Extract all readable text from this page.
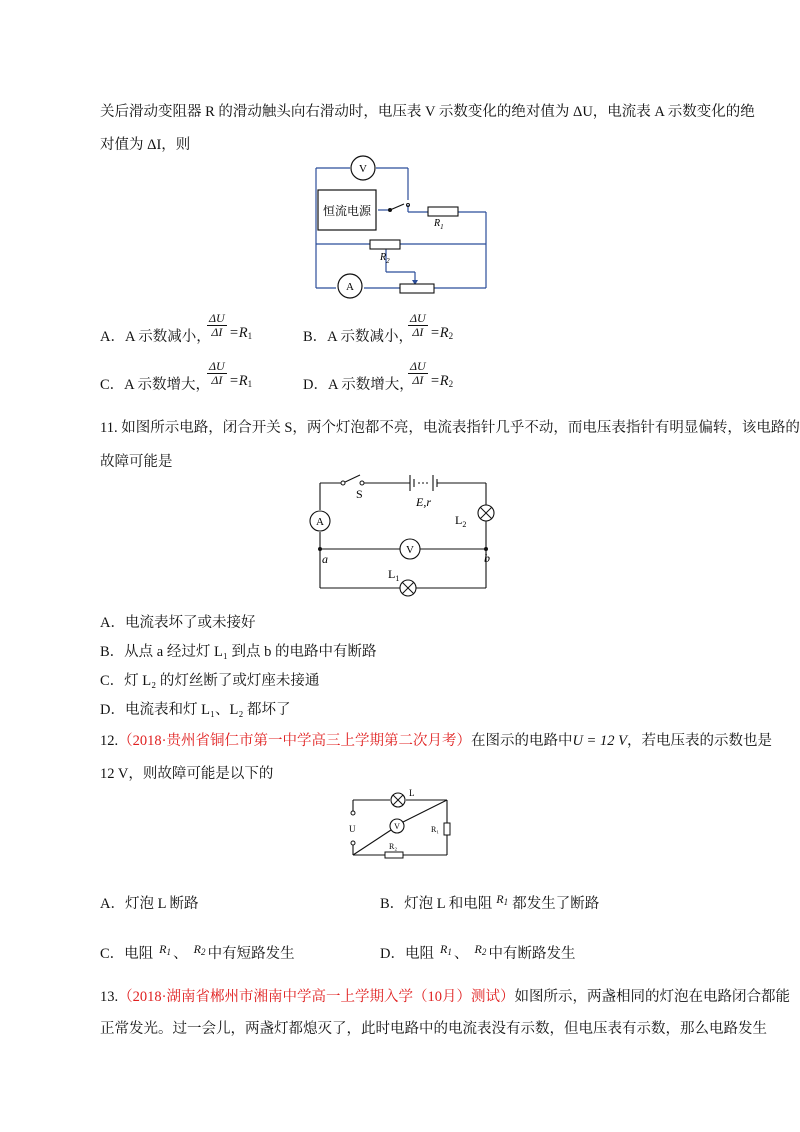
关后滑动变阻器 R 的滑动触头向右滑动时，电压表 V 示数变化的绝对值为 ΔU，电流表 A 示数变化的绝
对值为 ΔI，则
V
恒流电源
$R_1$
$R_2$
A
A．A 示数减小，
$\frac{\Delta U}{\Delta I} =R_1$	B．A 示数减小，
$\frac{\Delta U}{\Delta I} =R_2$
C．A 示数增大，
$\frac{\Delta U}{\Delta I} =R_1$	D．A 示数增大，
$\frac{\Delta U}{\Delta I} =R_2$
11. 如图所示电路，闭合开关 S，两个灯泡都不亮，电流表指针几乎不动，而电压表指针有明显偏转，该电路的
故障可能是
S
E,r
$L_2$
A
V
a	b
$L_1$
A．电流表坏了或未接好
B．从点 a 经过灯 L₁ 到点 b 的电路中有断路
C．灯 L₂ 的灯丝断了或灯座未接通
D．电流表和灯 L₁、L₂ 都坏了
12.（2018·贵州省铜仁市第一中学高三上学期第二次月考）在图示的电路中U = 12 V，若电压表的示数也是
12 V，则故障可能是以下的
U
L
V	R₁
R₂
A．灯泡 L 断路	B．灯泡 L 和电阻 $R_1$ 都发生了断路
C．电阻 $R_1$ 、 $R_2$ 中有短路发生	D．电阻 $R_1$ 、 $R_2$ 中有断路发生
13.（2018·湖南省郴州市湘南中学高一上学期入学（10月）测试）如图所示，两盏相同的灯泡在电路闭合都能
正常发光。过一会儿，两盏灯都熄灭了，此时电路中的电流表没有示数，但电压表有示数，那么电路发生
